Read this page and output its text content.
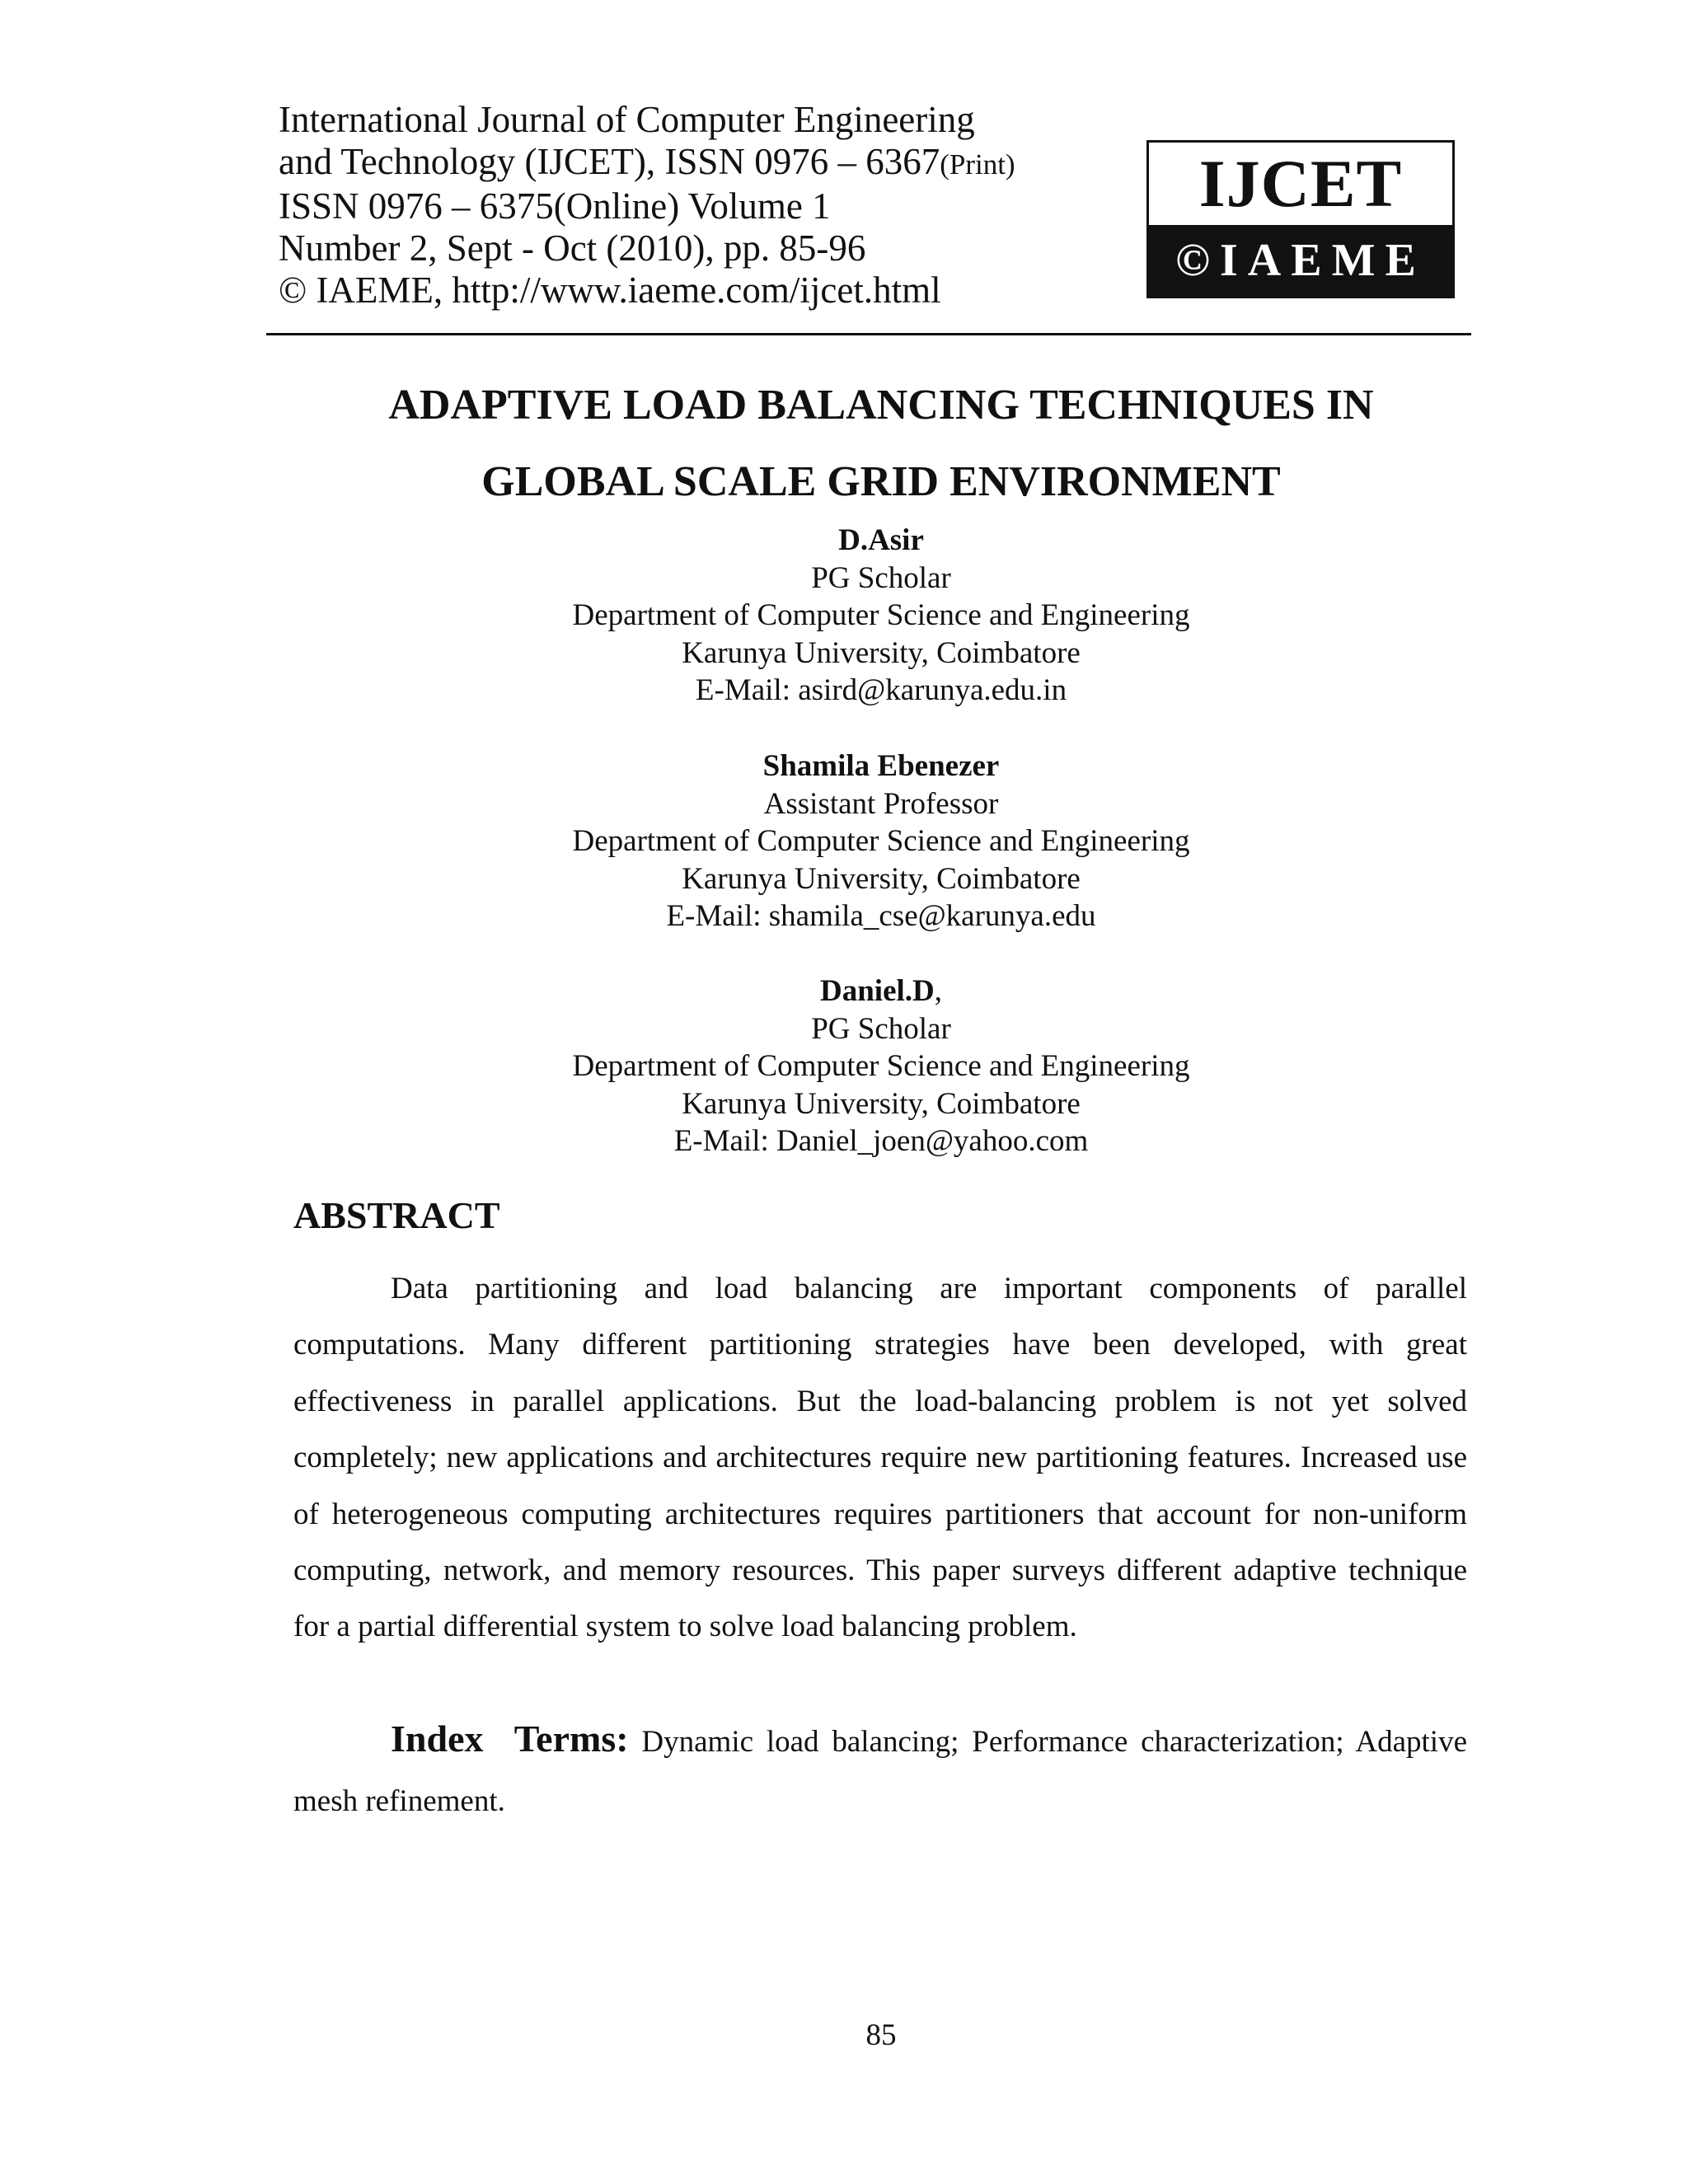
International Journal of Computer Engineering
and Technology (IJCET), ISSN 0976 – 6367(Print)
ISSN 0976 – 6375(Online) Volume 1
Number 2, Sept - Oct (2010), pp. 85-96
© IAEME, http://www.iaeme.com/ijcet.html
IJCET
©IAEME
ADAPTIVE LOAD BALANCING TECHNIQUES IN
GLOBAL SCALE GRID ENVIRONMENT
D.Asir
PG Scholar
Department of Computer Science and Engineering
Karunya University, Coimbatore
E-Mail: asird@karunya.edu.in
Shamila Ebenezer
Assistant Professor
Department of Computer Science and Engineering
Karunya University, Coimbatore
E-Mail: shamila_cse@karunya.edu
Daniel.D,
PG Scholar
Department of Computer Science and Engineering
Karunya University, Coimbatore
E-Mail: Daniel_joen@yahoo.com
ABSTRACT

Data partitioning and load balancing are important components of parallel computations. Many different partitioning strategies have been developed, with great effectiveness in parallel applications. But the load-balancing problem is not yet solved completely; new applications and architectures require new partitioning features. Increased use of heterogeneous computing architectures requires partitioners that account for non-uniform computing, network, and memory resources. This paper surveys different adaptive technique for a partial differential system to solve load balancing problem.

Index Terms: Dynamic load balancing; Performance characterization; Adaptive mesh refinement.

85
